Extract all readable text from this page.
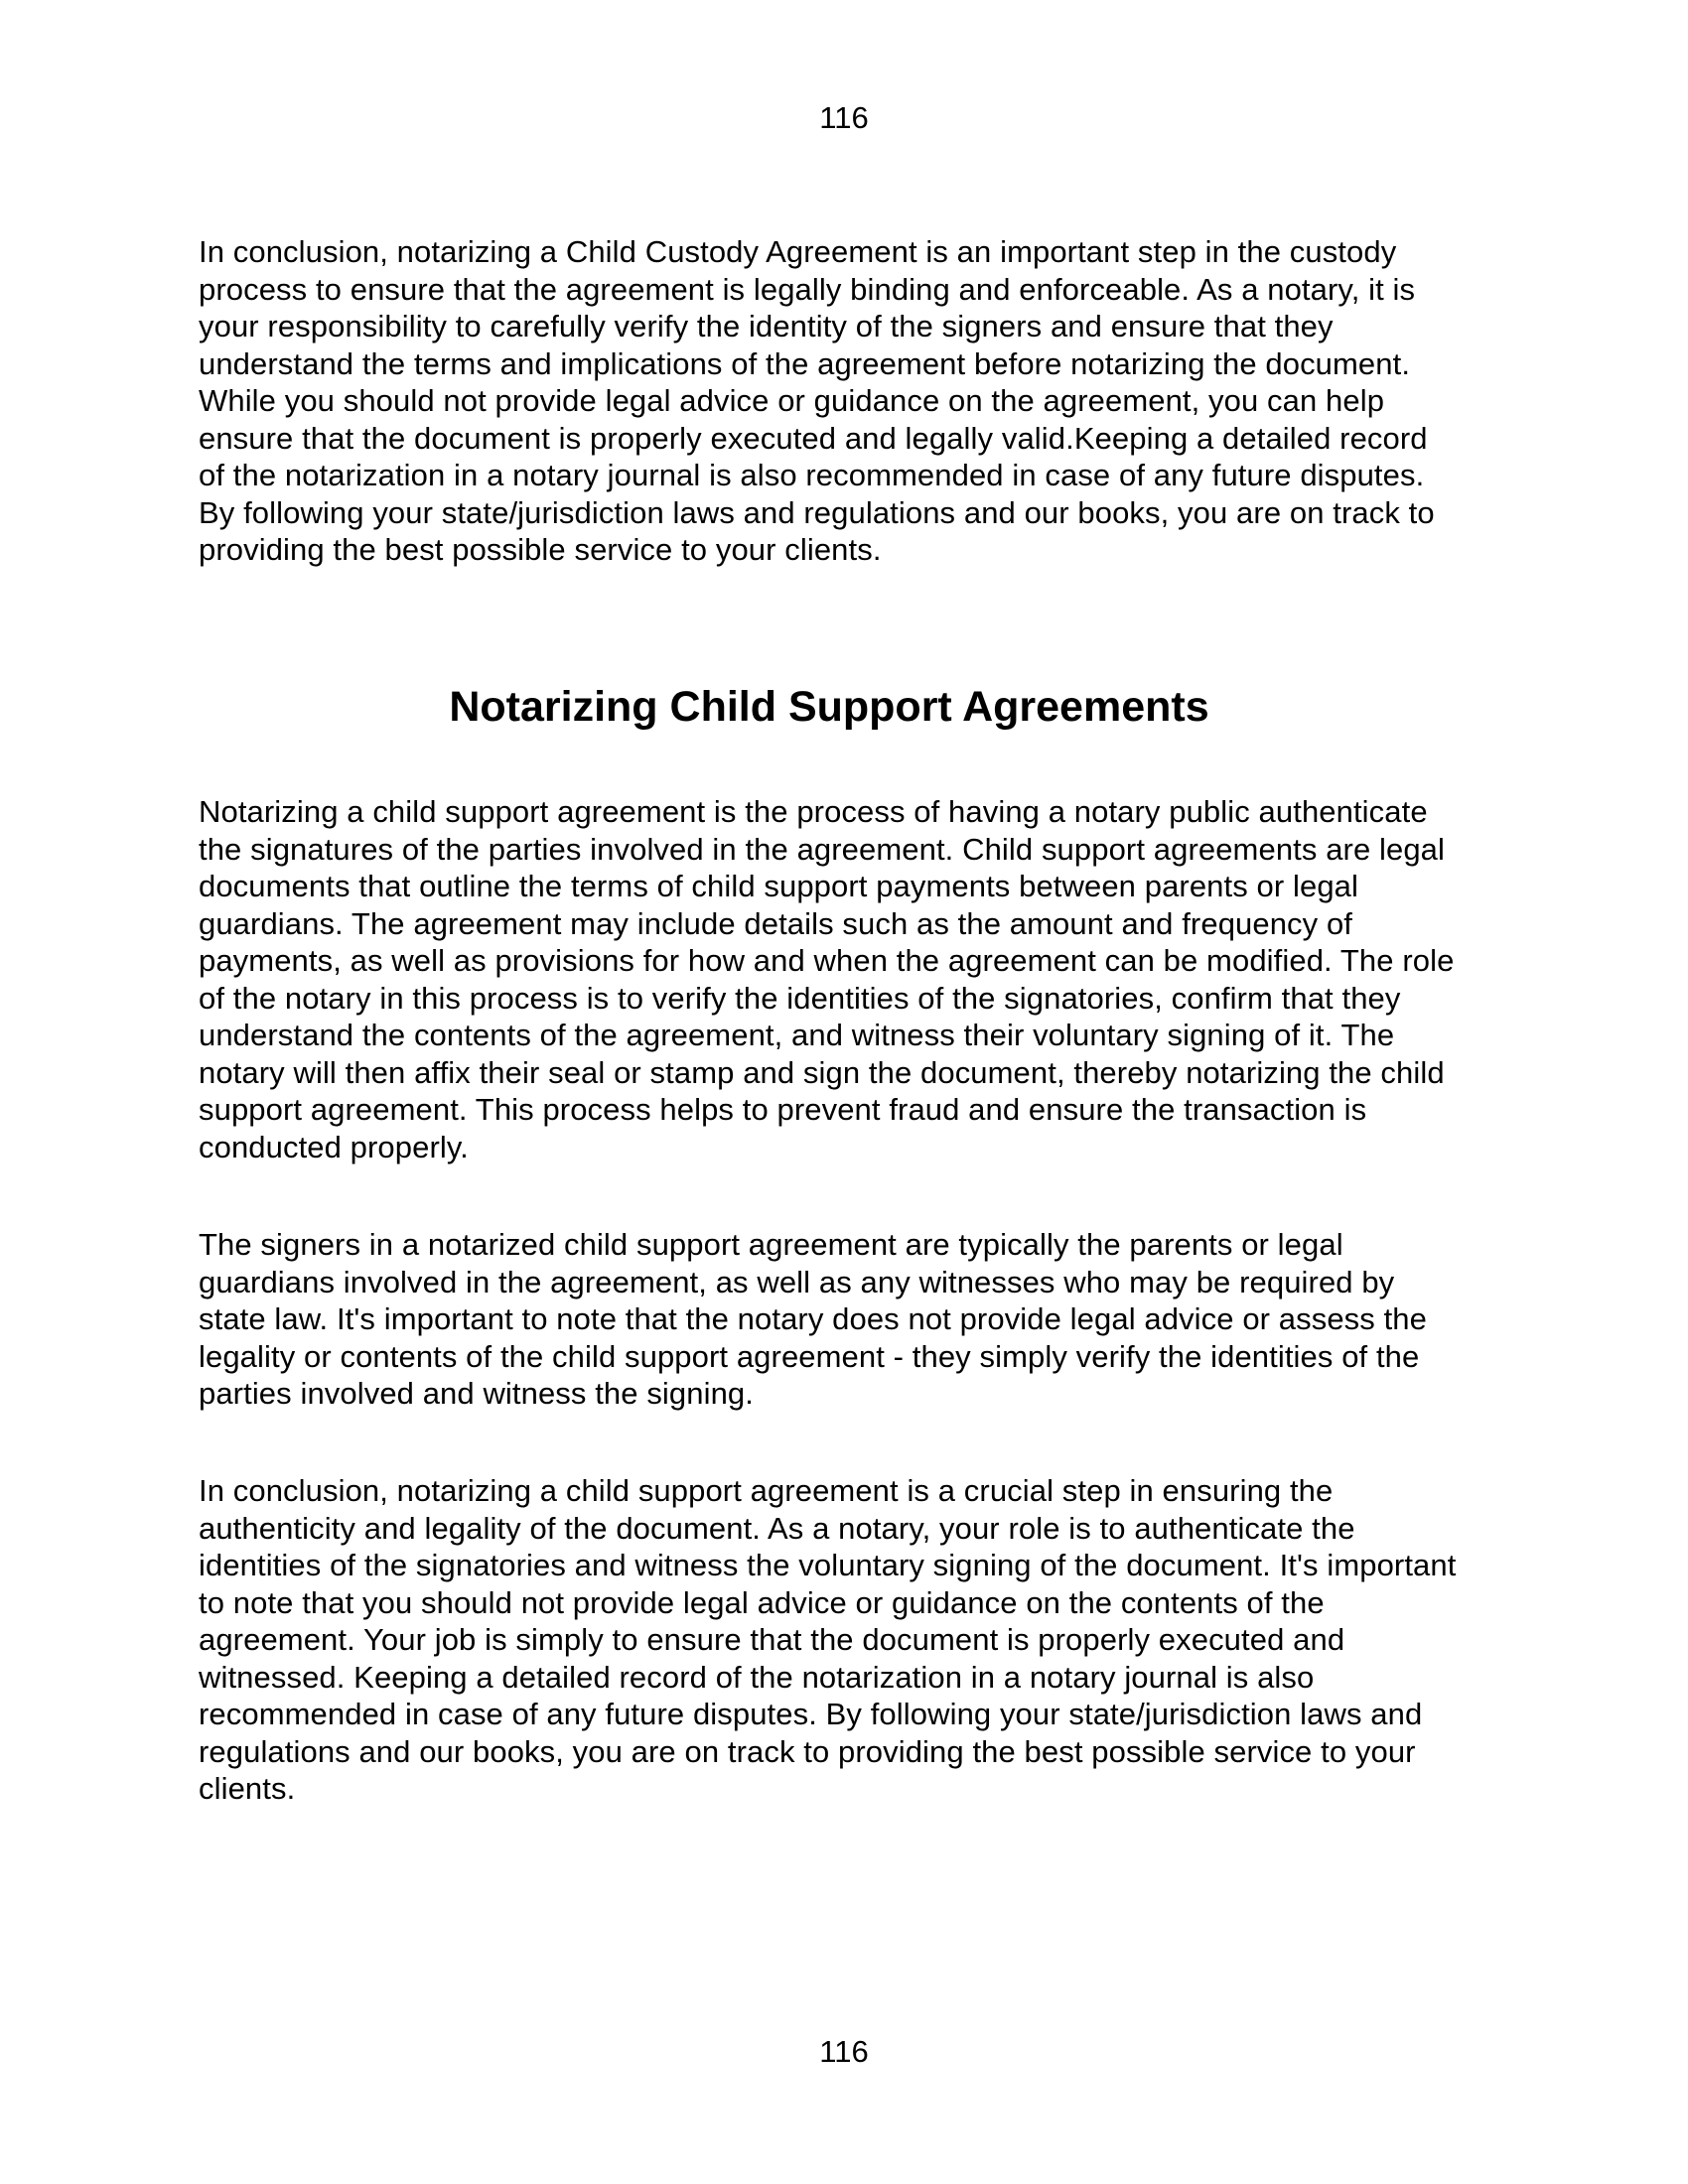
116

In conclusion, notarizing a Child Custody Agreement is an important step in the custody process to ensure that the agreement is legally binding and enforceable. As a notary, it is your responsibility to carefully verify the identity of the signers and ensure that they understand the terms and implications of the agreement before notarizing the document. While you should not provide legal advice or guidance on the agreement, you can help ensure that the document is properly executed and legally valid.Keeping a detailed record of the notarization in a notary journal is also recommended in case of any future disputes. By following your state/jurisdiction laws and regulations and our books, you are on track to providing the best possible service to your clients.

Notarizing Child Support Agreements

Notarizing a child support agreement is the process of having a notary public authenticate the signatures of the parties involved in the agreement. Child support agreements are legal documents that outline the terms of child support payments between parents or legal guardians. The agreement may include details such as the amount and frequency of payments, as well as provisions for how and when the agreement can be modified. The role of the notary in this process is to verify the identities of the signatories, confirm that they understand the contents of the agreement, and witness their voluntary signing of it. The notary will then affix their seal or stamp and sign the document, thereby notarizing the child support agreement. This process helps to prevent fraud and ensure the transaction is conducted properly.

The signers in a notarized child support agreement are typically the parents or legal guardians involved in the agreement, as well as any witnesses who may be required by state law. It's important to note that the notary does not provide legal advice or assess the legality or contents of the child support agreement - they simply verify the identities of the parties involved and witness the signing.

In conclusion, notarizing a child support agreement is a crucial step in ensuring the authenticity and legality of the document. As a notary, your role is to authenticate the identities of the signatories and witness the voluntary signing of the document. It's important to note that you should not provide legal advice or guidance on the contents of the agreement. Your job is simply to ensure that the document is properly executed and witnessed. Keeping a detailed record of the notarization in a notary journal is also recommended in case of any future disputes. By following your state/jurisdiction laws and regulations and our books, you are on track to providing the best possible service to your clients.

116
